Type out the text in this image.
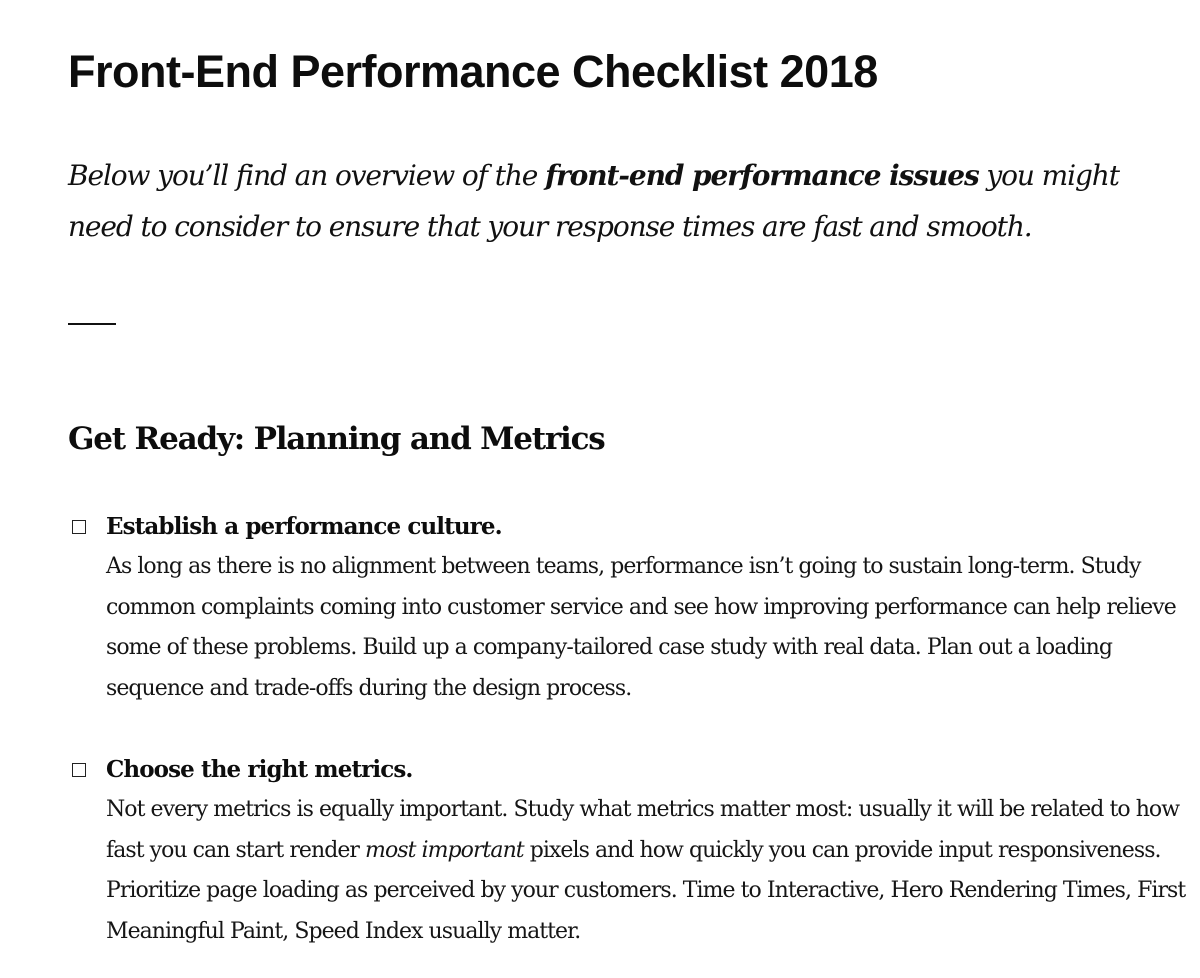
Front-End Performance Checklist 2018

Below you’ll find an overview of the front-end performance issues you might need to consider to ensure that your response times are fast and smooth.

Get Ready: Planning and Metrics
Establish a performance culture.

As long as there is no alignment between teams, performance isn’t going to sustain long-term. Study common complaints coming into customer service and see how improving performance can help relieve some of these problems. Build up a company-tailored case study with real data. Plan out a loading sequence and trade-offs during the design process.

Choose the right metrics.

Not every metrics is equally important. Study what metrics matter most: usually it will be related to how fast you can start render most important pixels and how quickly you can provide input responsiveness. Prioritize page loading as perceived by your customers. Time to Interactive, Hero Rendering Times, First Meaningful Paint, Speed Index usually matter.
